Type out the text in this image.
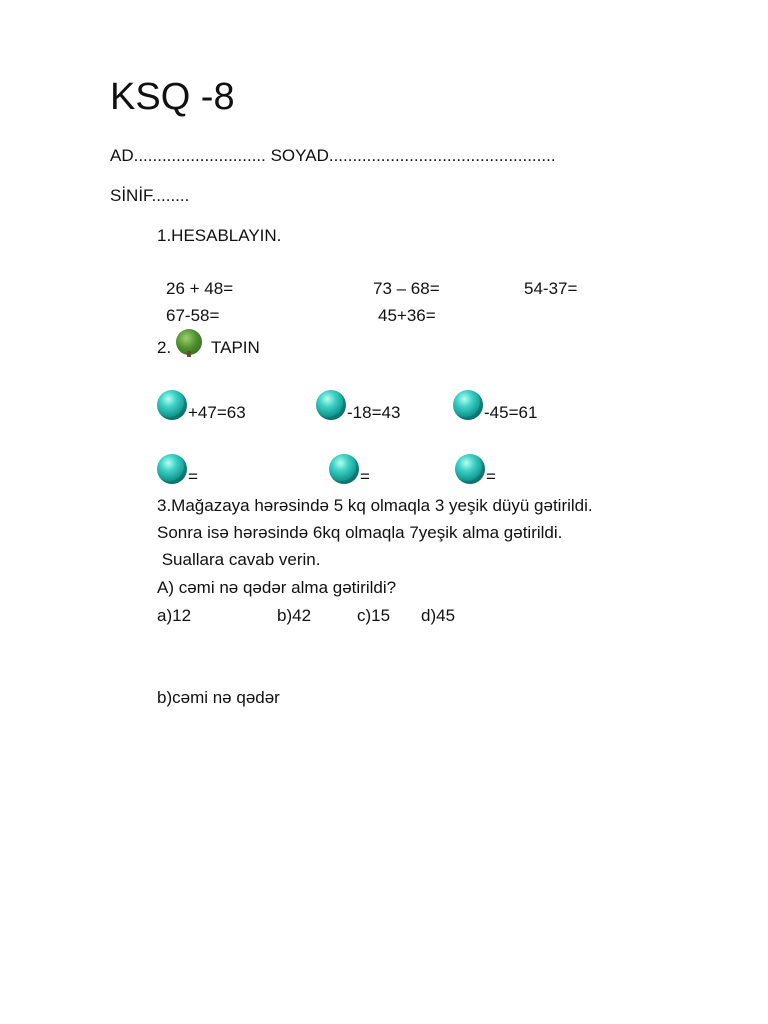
KSQ -8
AD............................ SOYAD................................................
SİNİF........
1.HESABLAYIN.
26 + 48=	73 – 68=	54-37=
67-58=	45+36=
2. TAPIN
+47=63	-18=43	-45=61
=	=	=
3.Mağazaya hərəsində 5 kq olmaqla 3 yeşik düyü gətirildi.
Sonra isə hərəsində 6kq olmaqla 7yeşik alma gətirildi.
Suallara cavab verin.
A) cəmi nə qədər alma gətirildi?
a)12	b)42	c)15 d)45
b)cəmi nə qədər
